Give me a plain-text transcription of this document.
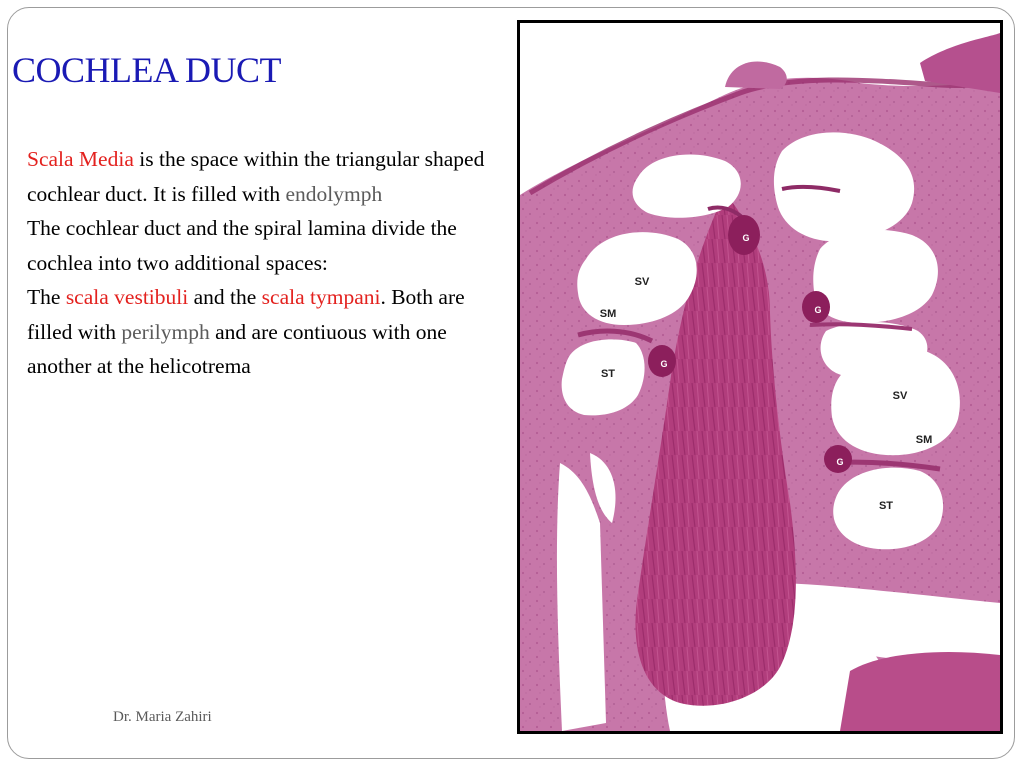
COCHLEA DUCT

Scala Media is the space within the triangular shaped cochlear duct. It is filled with endolymph

The cochlear duct and the spiral lamina divide the cochlea into two additional spaces:

The scala vestibuli and the scala tympani. Both are filled with perilymph and are contiuous with one another at the helicotrema

G
SV
SM
ST
G
G
SV
SM
G
ST
Dr. Maria Zahiri
